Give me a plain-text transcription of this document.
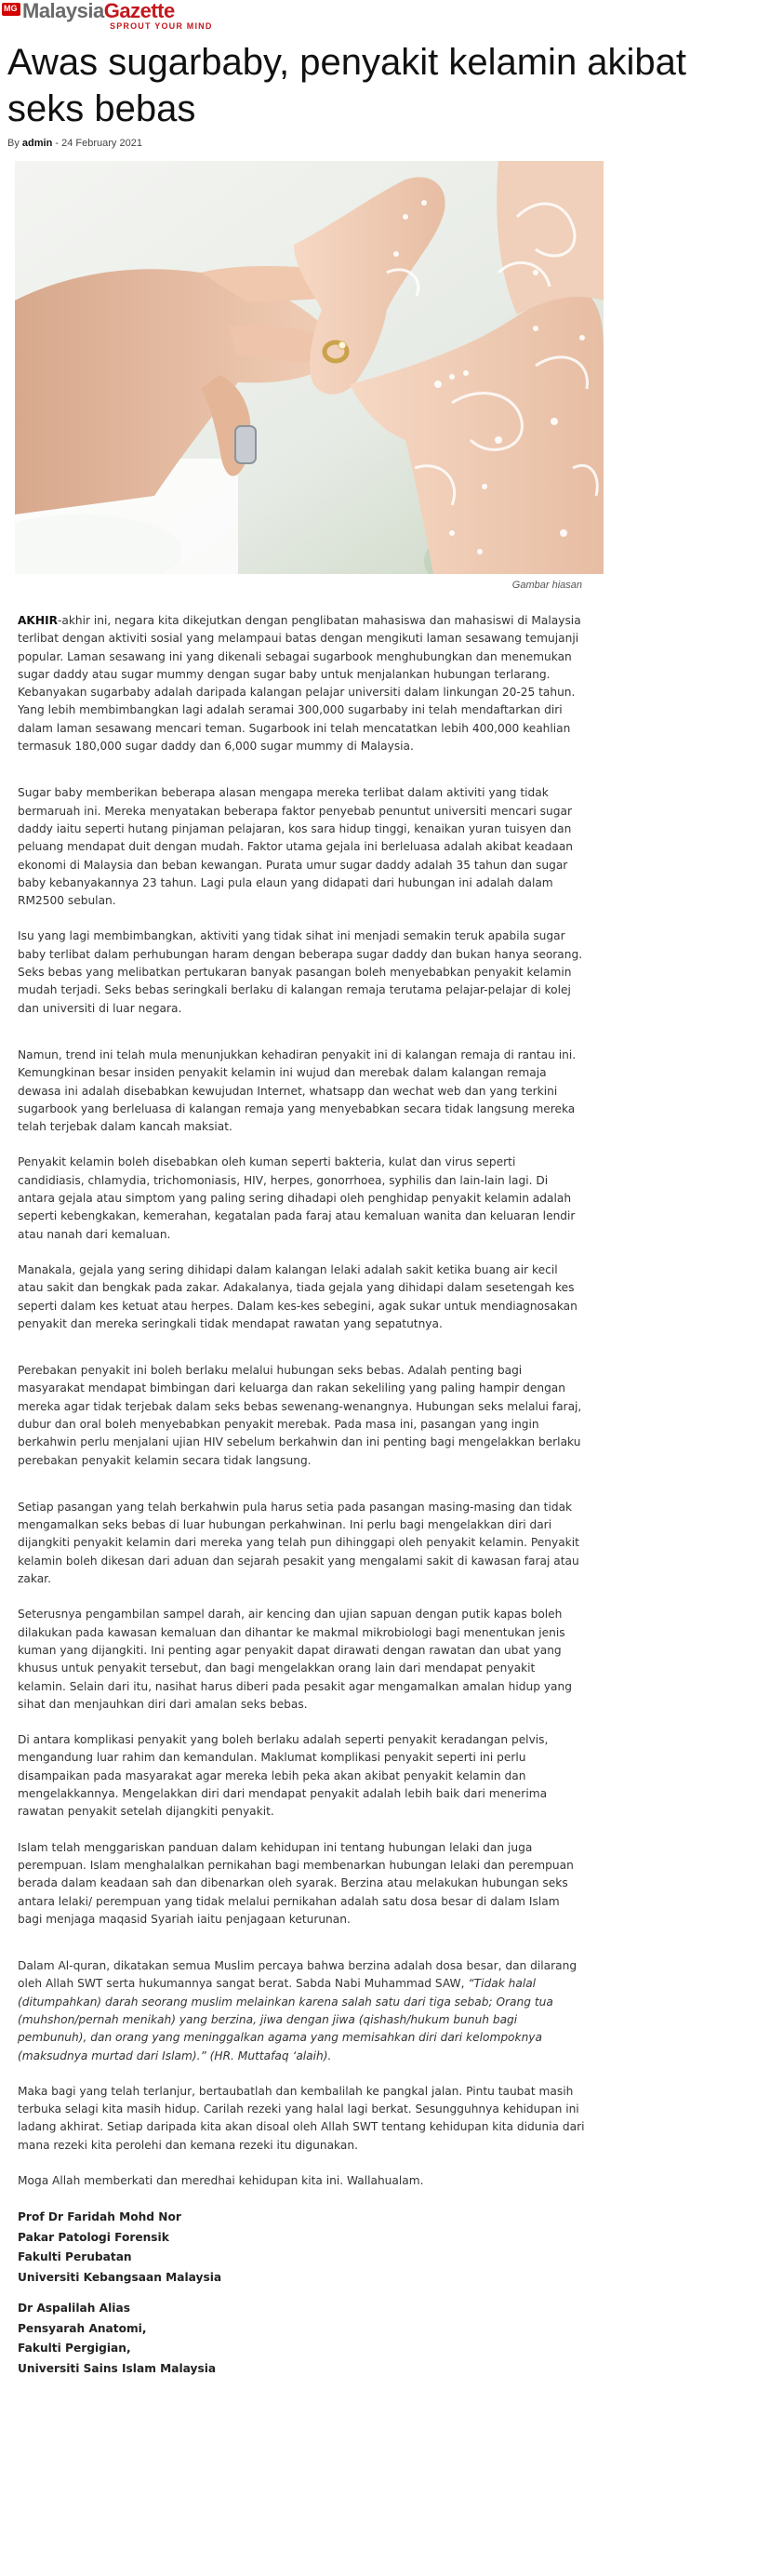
MG MalaysiaGazette
SPROUT YOUR MIND
Awas sugarbaby, penyakit kelamin akibat seks bebas
By admin - 24 February 2021
Gambar hiasan

AKHIR-akhir ini, negara kita dikejutkan dengan penglibatan mahasiswa dan mahasiswi di Malaysia terlibat dengan aktiviti sosial yang melampaui batas dengan mengikuti laman sesawang temujanji popular. Laman sesawang ini yang dikenali sebagai sugarbook menghubungkan dan menemukan sugar daddy atau sugar mummy dengan sugar baby untuk menjalankan hubungan terlarang. Kebanyakan sugarbaby adalah daripada kalangan pelajar universiti dalam linkungan 20-25 tahun. Yang lebih membimbangkan lagi adalah seramai 300,000 sugarbaby ini telah mendaftarkan diri dalam laman sesawang mencari teman. Sugarbook ini telah mencatatkan lebih 400,000 keahlian termasuk 180,000 sugar daddy dan 6,000 sugar mummy di Malaysia.

Sugar baby memberikan beberapa alasan mengapa mereka terlibat dalam aktiviti yang tidak bermaruah ini. Mereka menyatakan beberapa faktor penyebab penuntut universiti mencari sugar daddy iaitu seperti hutang pinjaman pelajaran, kos sara hidup tinggi, kenaikan yuran tuisyen dan peluang mendapat duit dengan mudah. Faktor utama gejala ini berleluasa adalah akibat keadaan ekonomi di Malaysia dan beban kewangan. Purata umur sugar daddy adalah 35 tahun dan sugar baby kebanyakannya 23 tahun. Lagi pula elaun yang didapati dari hubungan ini adalah dalam RM2500 sebulan.

Isu yang lagi membimbangkan, aktiviti yang tidak sihat ini menjadi semakin teruk apabila sugar baby terlibat dalam perhubungan haram dengan beberapa sugar daddy dan bukan hanya seorang. Seks bebas yang melibatkan pertukaran banyak pasangan boleh menyebabkan penyakit kelamin mudah terjadi. Seks bebas seringkali berlaku di kalangan remaja terutama pelajar-pelajar di kolej dan universiti di luar negara.

Namun, trend ini telah mula menunjukkan kehadiran penyakit ini di kalangan remaja di rantau ini. Kemungkinan besar insiden penyakit kelamin ini wujud dan merebak dalam kalangan remaja dewasa ini adalah disebabkan kewujudan Internet, whatsapp dan wechat web dan yang terkini sugarbook yang berleluasa di kalangan remaja yang menyebabkan secara tidak langsung mereka telah terjebak dalam kancah maksiat.

Penyakit kelamin boleh disebabkan oleh kuman seperti bakteria, kulat dan virus seperti candidiasis, chlamydia, trichomoniasis, HIV, herpes, gonorrhoea, syphilis dan lain-lain lagi. Di antara gejala atau simptom yang paling sering dihadapi oleh penghidap penyakit kelamin adalah seperti kebengkakan, kemerahan, kegatalan pada faraj atau kemaluan wanita dan keluaran lendir atau nanah dari kemaluan.

Manakala, gejala yang sering dihidapi dalam kalangan lelaki adalah sakit ketika buang air kecil atau sakit dan bengkak pada zakar. Adakalanya, tiada gejala yang dihidapi dalam sesetengah kes seperti dalam kes ketuat atau herpes. Dalam kes-kes sebegini, agak sukar untuk mendiagnosakan penyakit dan mereka seringkali tidak mendapat rawatan yang sepatutnya.

Perebakan penyakit ini boleh berlaku melalui hubungan seks bebas. Adalah penting bagi masyarakat mendapat bimbingan dari keluarga dan rakan sekeliling yang paling hampir dengan mereka agar tidak terjebak dalam seks bebas sewenang-wenangnya. Hubungan seks melalui faraj, dubur dan oral boleh menyebabkan penyakit merebak. Pada masa ini, pasangan yang ingin berkahwin perlu menjalani ujian HIV sebelum berkahwin dan ini penting bagi mengelakkan berlaku perebakan penyakit kelamin secara tidak langsung.

Setiap pasangan yang telah berkahwin pula harus setia pada pasangan masing-masing dan tidak mengamalkan seks bebas di luar hubungan perkahwinan. Ini perlu bagi mengelakkan diri dari dijangkiti penyakit kelamin dari mereka yang telah pun dihinggapi oleh penyakit kelamin. Penyakit kelamin boleh dikesan dari aduan dan sejarah pesakit yang mengalami sakit di kawasan faraj atau zakar.

Seterusnya pengambilan sampel darah, air kencing dan ujian sapuan dengan putik kapas boleh dilakukan pada kawasan kemaluan dan dihantar ke makmal mikrobiologi bagi menentukan jenis kuman yang dijangkiti. Ini penting agar penyakit dapat dirawati dengan rawatan dan ubat yang khusus untuk penyakit tersebut, dan bagi mengelakkan orang lain dari mendapat penyakit kelamin. Selain dari itu, nasihat harus diberi pada pesakit agar mengamalkan amalan hidup yang sihat dan menjauhkan diri dari amalan seks bebas.

Di antara komplikasi penyakit yang boleh berlaku adalah seperti penyakit keradangan pelvis, mengandung luar rahim dan kemandulan. Maklumat komplikasi penyakit seperti ini perlu disampaikan pada masyarakat agar mereka lebih peka akan akibat penyakit kelamin dan mengelakkannya. Mengelakkan diri dari mendapat penyakit adalah lebih baik dari menerima rawatan penyakit setelah dijangkiti penyakit.

Islam telah menggariskan panduan dalam kehidupan ini tentang hubungan lelaki dan juga perempuan. Islam menghalalkan pernikahan bagi membenarkan hubungan lelaki dan perempuan berada dalam keadaan sah dan dibenarkan oleh syarak. Berzina atau melakukan hubungan seks antara lelaki/ perempuan yang tidak melalui pernikahan adalah satu dosa besar di dalam Islam bagi menjaga maqasid Syariah iaitu penjagaan keturunan.

Dalam Al-quran, dikatakan semua Muslim percaya bahwa berzina adalah dosa besar, dan dilarang oleh Allah SWT serta hukumannya sangat berat. Sabda Nabi Muhammad SAW, “Tidak halal (ditumpahkan) darah seorang muslim melainkan karena salah satu dari tiga sebab; Orang tua (muhshon/pernah menikah) yang berzina, jiwa dengan jiwa (qishash/hukum bunuh bagi pembunuh), dan orang yang meninggalkan agama yang memisahkan diri dari kelompoknya (maksudnya murtad dari Islam).” (HR. Muttafaq ‘alaih).

Maka bagi yang telah terlanjur, bertaubatlah dan kembalilah ke pangkal jalan. Pintu taubat masih terbuka selagi kita masih hidup. Carilah rezeki yang halal lagi berkat. Sesungguhnya kehidupan ini ladang akhirat. Setiap daripada kita akan disoal oleh Allah SWT tentang kehidupan kita didunia dari mana rezeki kita perolehi dan kemana rezeki itu digunakan.

Moga Allah memberkati dan meredhai kehidupan kita ini. Wallahualam.

Prof Dr Faridah Mohd Nor
Pakar Patologi Forensik
Fakulti Perubatan
Universiti Kebangsaan Malaysia
Dr Aspalilah Alias
Pensyarah Anatomi,
Fakulti Pergigian,
Universiti Sains Islam Malaysia
